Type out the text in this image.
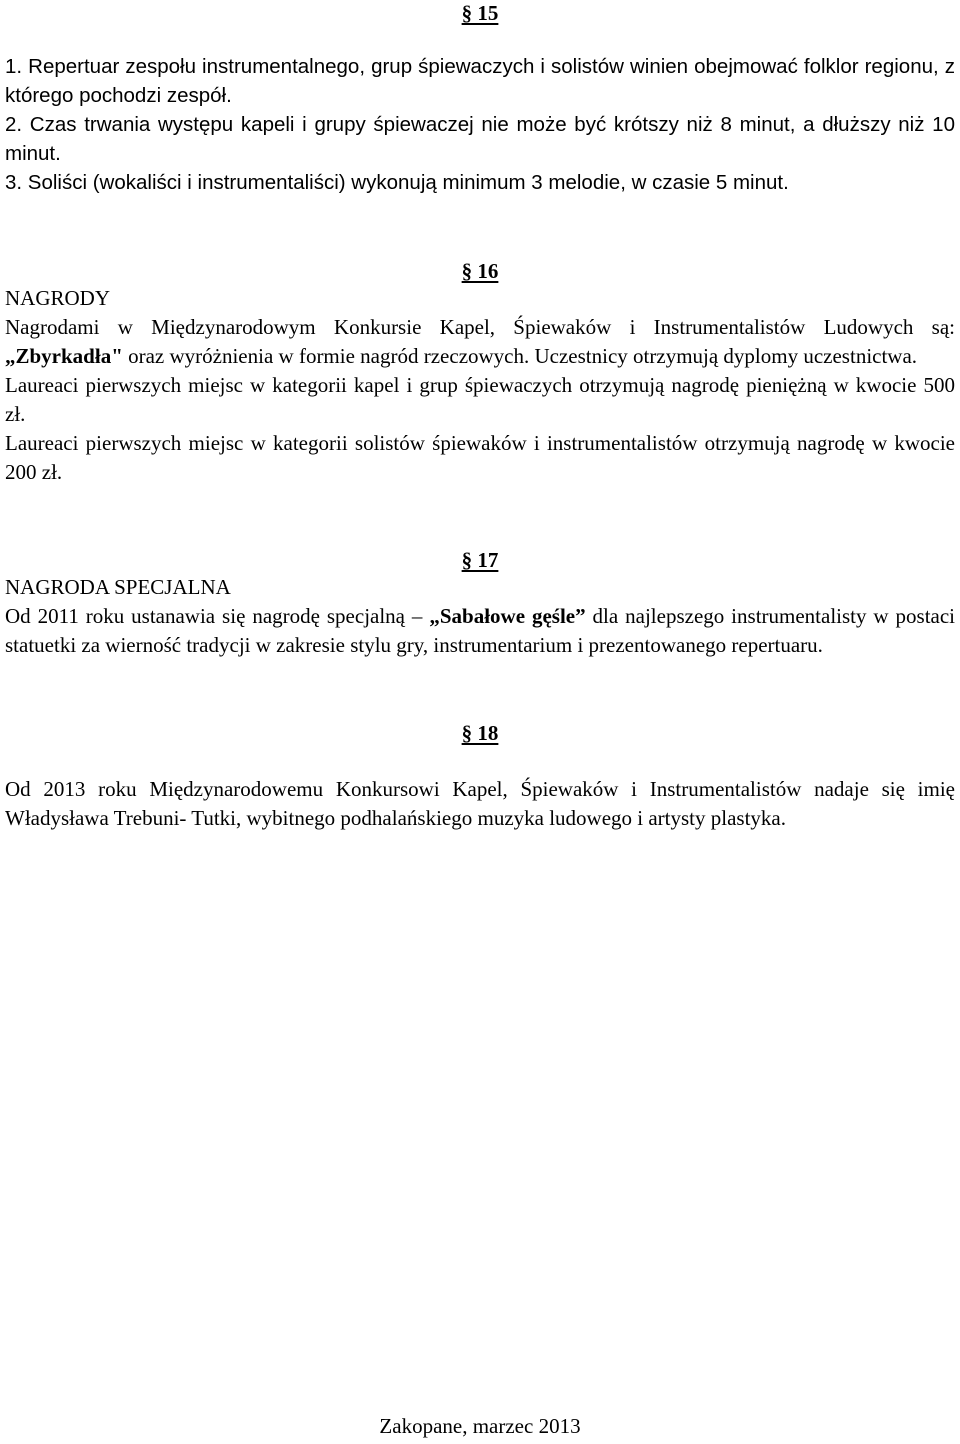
§ 15

1. Repertuar zespołu instrumentalnego, grup śpiewaczych i solistów winien obejmować folklor regionu, z którego pochodzi zespół.

2. Czas trwania występu kapeli i grupy śpiewaczej nie może być krótszy niż 8 minut, a dłuższy niż 10 minut.

3. Soliści (wokaliści i instrumentaliści) wykonują minimum 3 melodie, w czasie 5 minut.

§ 16

NAGRODY

Nagrodami w Międzynarodowym Konkursie Kapel, Śpiewaków i Instrumentalistów Ludowych są: „Zbyrkadła" oraz wyróżnienia w formie nagród rzeczowych. Uczestnicy otrzymują dyplomy uczestnictwa.

Laureaci pierwszych miejsc w kategorii kapel i grup śpiewaczych otrzymują nagrodę pieniężną w kwocie 500 zł.

Laureaci pierwszych miejsc w kategorii solistów śpiewaków i instrumentalistów otrzymują nagrodę w kwocie 200 zł.

§ 17

NAGRODA SPECJALNA

Od 2011 roku ustanawia się nagrodę specjalną – „Sabałowe gęśle” dla najlepszego instrumentalisty w postaci statuetki za wierność tradycji w zakresie stylu gry, instrumentarium i prezentowanego repertuaru.

§ 18

Od 2013 roku Międzynarodowemu Konkursowi Kapel, Śpiewaków i Instrumentalistów nadaje się imię Władysława Trebuni- Tutki, wybitnego podhalańskiego muzyka ludowego i artysty plastyka.

Zakopane, marzec 2013
